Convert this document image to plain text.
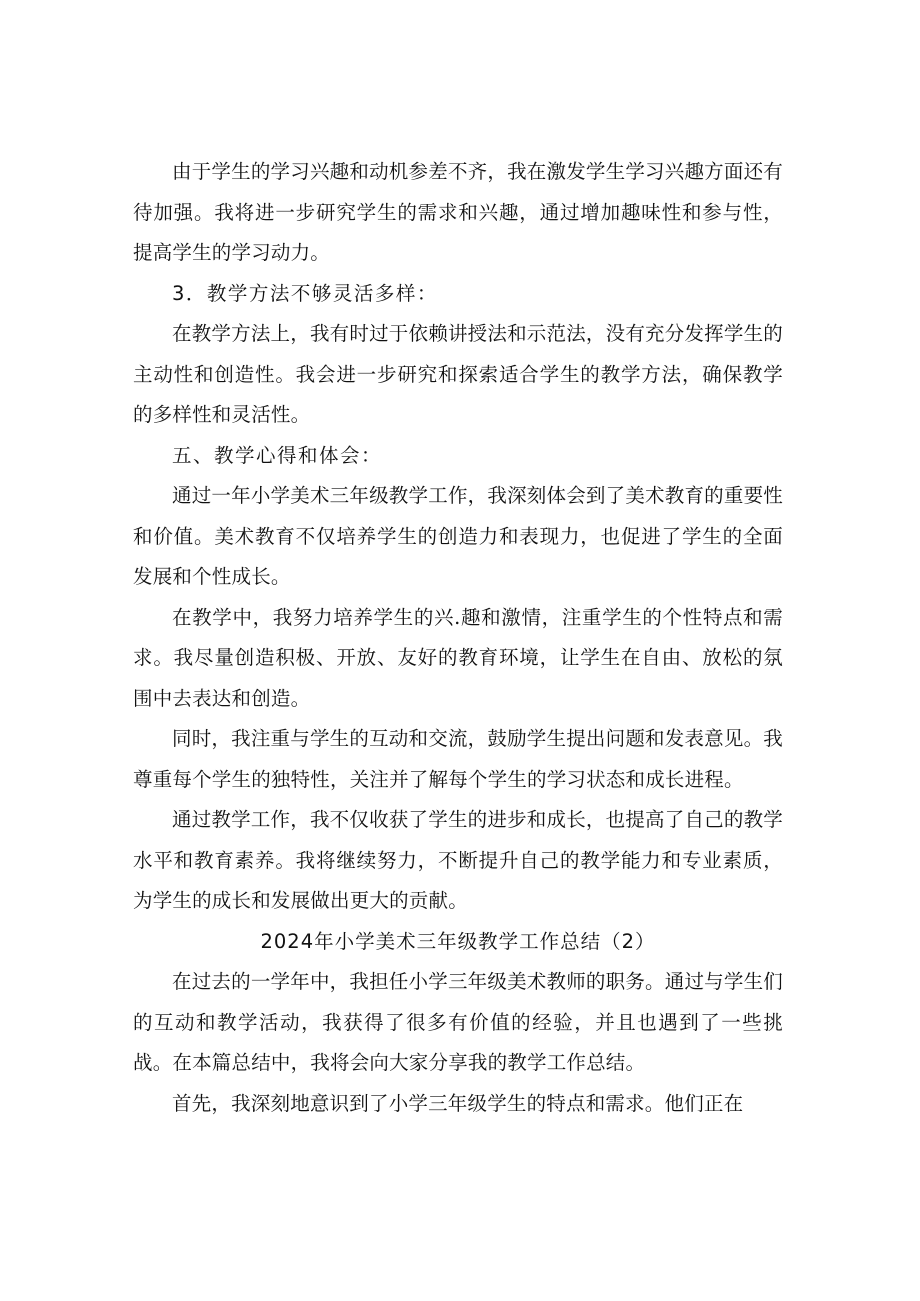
由于学生的学习兴趣和动机参差不齐，我在激发学生学习兴趣方面还有待加强。我将进一步研究学生的需求和兴趣，通过增加趣味性和参与性，提高学生的学习动力。

3．教学方法不够灵活多样：

在教学方法上，我有时过于依赖讲授法和示范法，没有充分发挥学生的主动性和创造性。我会进一步研究和探索适合学生的教学方法，确保教学的多样性和灵活性。

五、教学心得和体会：

通过一年小学美术三年级教学工作，我深刻体会到了美术教育的重要性和价值。美术教育不仅培养学生的创造力和表现力，也促进了学生的全面发展和个性成长。

在教学中，我努力培养学生的兴.趣和激情，注重学生的个性特点和需求。我尽量创造积极、开放、友好的教育环境，让学生在自由、放松的氛围中去表达和创造。

同时，我注重与学生的互动和交流，鼓励学生提出问题和发表意见。我尊重每个学生的独特性，关注并了解每个学生的学习状态和成长进程。

通过教学工作，我不仅收获了学生的进步和成长，也提高了自己的教学水平和教育素养。我将继续努力，不断提升自己的教学能力和专业素质，为学生的成长和发展做出更大的贡献。

2024年小学美术三年级教学工作总结（2）

在过去的一学年中，我担任小学三年级美术教师的职务。通过与学生们的互动和教学活动，我获得了很多有价值的经验，并且也遇到了一些挑战。在本篇总结中，我将会向大家分享我的教学工作总结。

首先，我深刻地意识到了小学三年级学生的特点和需求。他们正在
